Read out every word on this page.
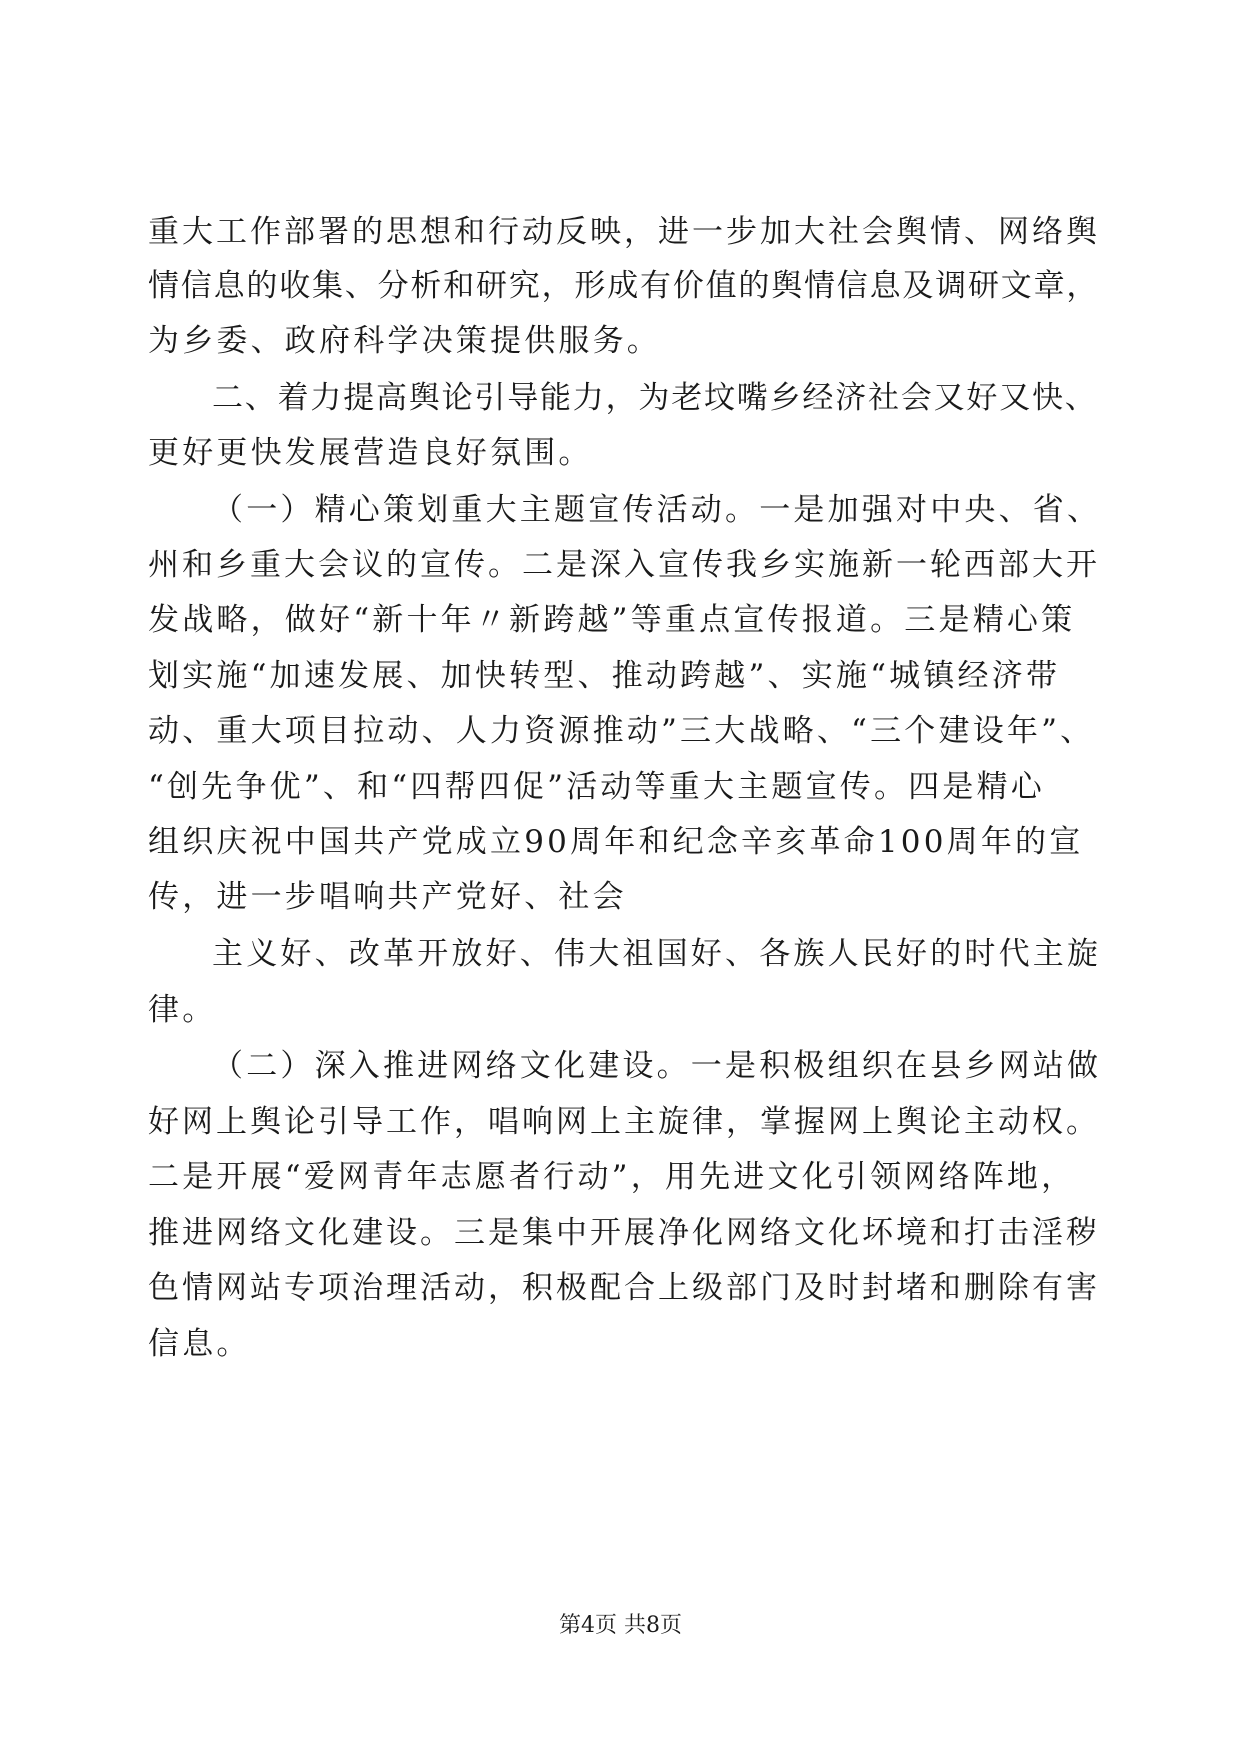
重大工作部署的思想和行动反映，进一步加大社会舆情、网络舆
情信息的收集、分析和研究，形成有价值的舆情信息及调研文章，
为乡委、政府科学决策提供服务。
二、着力提高舆论引导能力，为老坟嘴乡经济社会又好又快、
更好更快发展营造良好氛围。
（一）精心策划重大主题宣传活动。一是加强对中央、省、
州和乡重大会议的宣传。二是深入宣传我乡实施新一轮西部大开
发战略，做好“新十年〃新跨越”等重点宣传报道。三是精心策
划实施“加速发展、加快转型、推动跨越”、实施“城镇经济带
动、重大项目拉动、人力资源推动”三大战略、“三个建设年”、
“创先争优”、和“四帮四促”活动等重大主题宣传。四是精心
组织庆祝中国共产党成立90周年和纪念辛亥革命100周年的宣
传，进一步唱响共产党好、社会
主义好、改革开放好、伟大祖国好、各族人民好的时代主旋
律。
（二）深入推进网络文化建设。一是积极组织在县乡网站做
好网上舆论引导工作，唱响网上主旋律，掌握网上舆论主动权。
二是开展“爱网青年志愿者行动”，用先进文化引领网络阵地，
推进网络文化建设。三是集中开展净化网络文化坏境和打击淫秽
色情网站专项治理活动，积极配合上级部门及时封堵和删除有害
信息。
第4页 共8页
